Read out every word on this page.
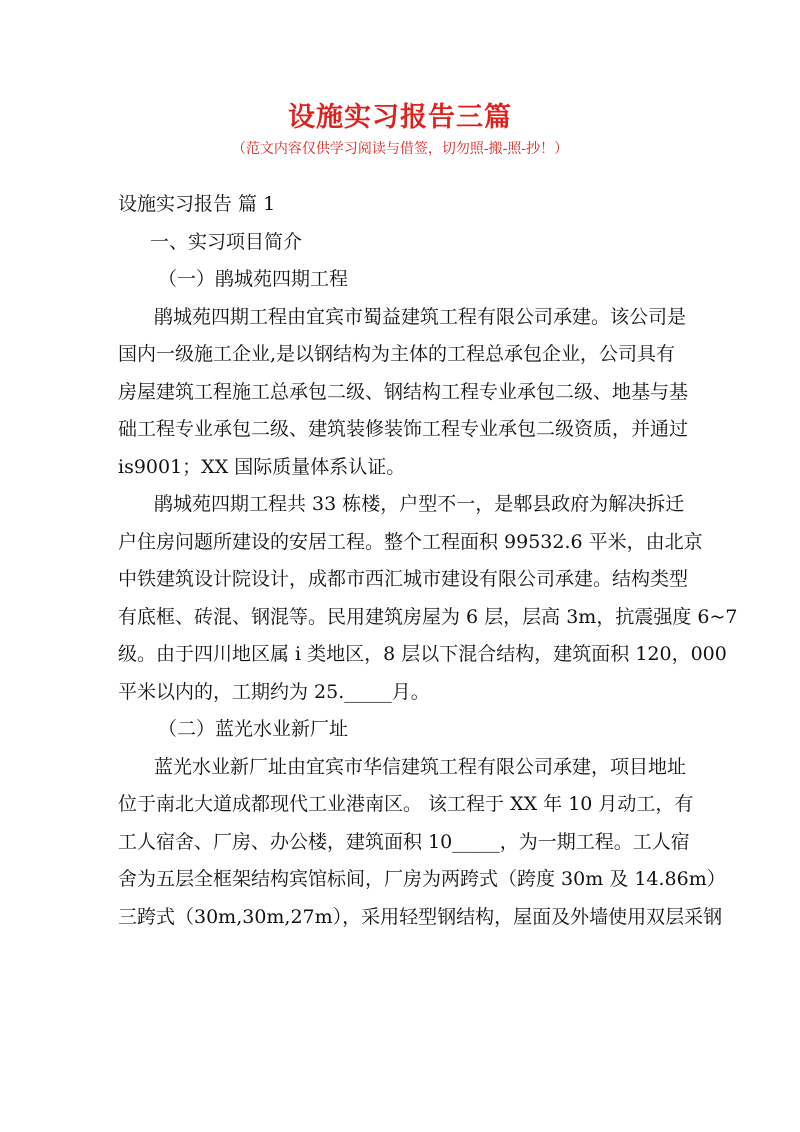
设施实习报告三篇
（范文内容仅供学习阅读与借签，切勿照-搬-照-抄！）
设施实习报告 篇 1
一、实习项目简介
（一）鹃城苑四期工程
鹃城苑四期工程由宜宾市蜀益建筑工程有限公司承建。该公司是
国内一级施工企业,是以钢结构为主体的工程总承包企业，公司具有
房屋建筑工程施工总承包二级、钢结构工程专业承包二级、地基与基
础工程专业承包二级、建筑装修装饰工程专业承包二级资质，并通过
is9001；XX 国际质量体系认证。
鹃城苑四期工程共 33 栋楼，户型不一，是郫县政府为解决拆迁
户住房问题所建设的安居工程。整个工程面积 99532.6 平米，由北京
中铁建筑设计院设计，成都市西汇城市建设有限公司承建。结构类型
有底框、砖混、钢混等。民用建筑房屋为 6 层，层高 3m，抗震强度 6~7
级。由于四川地区属 i 类地区，8 层以下混合结构，建筑面积 120，000
平米以内的，工期约为 25._____月。
（二）蓝光水业新厂址
蓝光水业新厂址由宜宾市华信建筑工程有限公司承建，项目地址
位于南北大道成都现代工业港南区。 该工程于 XX 年 10 月动工，有
工人宿舍、厂房、办公楼，建筑面积 10_____，为一期工程。工人宿
舍为五层全框架结构宾馆标间，厂房为两跨式（跨度 30m 及 14.86m）
三跨式（30m,30m,27m），采用轻型钢结构，屋面及外墙使用双层采钢
